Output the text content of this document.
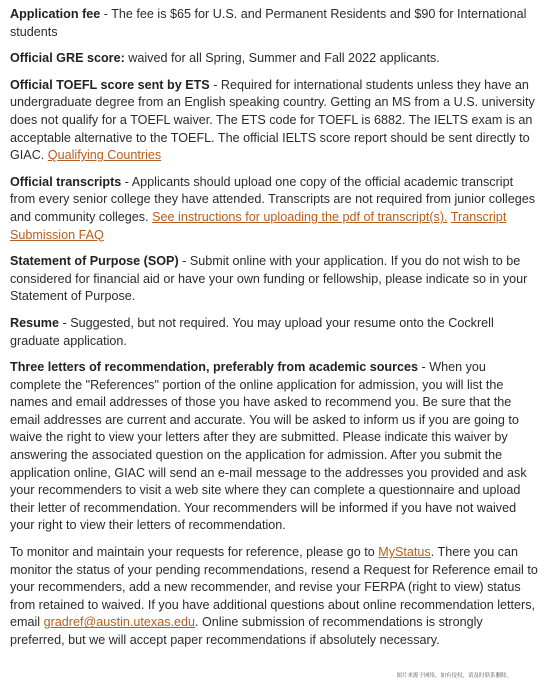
Application fee - The fee is $65 for U.S. and Permanent Residents and $90 for International students

Official GRE score: waived for all Spring, Summer and Fall 2022 applicants.

Official TOEFL score sent by ETS - Required for international students unless they have an undergraduate degree from an English speaking country. Getting an MS from a U.S. university does not qualify for a TOEFL waiver. The ETS code for TOEFL is 6882. The IELTS exam is an acceptable alternative to the TOEFL. The official IELTS score report should be sent directly to GIAC. Qualifying Countries

Official transcripts - Applicants should upload one copy of the official academic transcript from every senior college they have attended. Transcripts are not required from junior colleges and community colleges. See instructions for uploading the pdf of transcript(s). Transcript Submission FAQ

Statement of Purpose (SOP) - Submit online with your application. If you do not wish to be considered for financial aid or have your own funding or fellowship, please indicate so in your Statement of Purpose.

Resume - Suggested, but not required. You may upload your resume onto the Cockrell graduate application.

Three letters of recommendation, preferably from academic sources - When you complete the "References" portion of the online application for admission, you will list the names and email addresses of those you have asked to recommend you. Be sure that the email addresses are current and accurate. You will be asked to inform us if you are going to waive the right to view your letters after they are submitted. Please indicate this waiver by answering the associated question on the application for admission. After you submit the application online, GIAC will send an e-mail message to the addresses you provided and ask your recommenders to visit a web site where they can complete a questionnaire and upload their letter of recommendation. Your recommenders will be informed if you have not waived your right to view their letters of recommendation.

To monitor and maintain your requests for reference, please go to MyStatus. There you can monitor the status of your pending recommendations, resend a Request for Reference email to your recommenders, add a new recommender, and revise your FERPA (right to view) status from retained to waived. If you have additional questions about online recommendation letters, email gradref@austin.utexas.edu. Online submission of recommendations is strongly preferred, but we will accept paper recommendations if absolutely necessary.

图片来源于网络，如有侵权，请及时联系删除。
